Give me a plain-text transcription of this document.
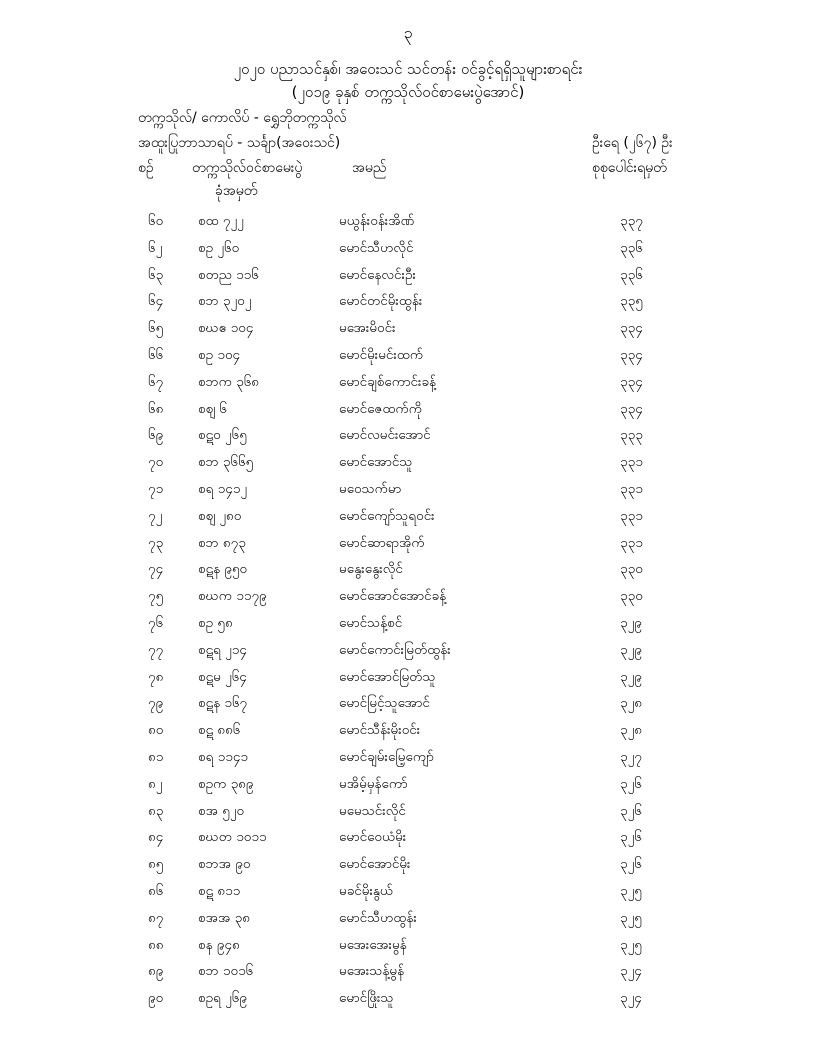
၃
၂၀၂၀ ပညာသင်နှစ်၊ အဝေးသင် သင်တန်း ဝင်ခွင့်ရရှိသူများစာရင်း
(၂၀၁၉ ခုနှစ် တက္ကသိုလ်ဝင်စာမေးပွဲအောင်)
တက္ကသိုလ်/ ကောလိပ် - ရွှေဘိုတက္ကသိုလ်
အထူးပြုဘာသာရပ် - သင်္ချာ(အဝေးသင်)	ဦးရေ (၂၆၇) ဦး
စဉ်	တက္ကသိုလ်ဝင်စာမေးပွဲ
ခုံအမှတ်
အမည်	စုစုပေါင်းရမှတ်
၆၀	စထ ၇၂၂	မယွန်းဝန်းအိဏ်	၃၃၇
၆၂	စဥ ၂၆၀	မောင်သီဟလိုင်	၃၃၆
၆၃	စတည ၁၁၆	မောင်နေလင်းဦး	၃၃၆
၆၄	စဘ ၃၂၀၂	မောင်တင်မိုးထွန်း	၃၃၅
၆၅	စဃဧ ၁၀၄	မအေးမိဝင်း	၃၃၄
၆၆	စဥ ၁၀၄	မောင်မိုးမင်းထက်	၃၃၄
၆၇	စဘက ၃၆၈	မောင်ချစ်ကောင်းခန့်	၃၃၄
၆၈	စဈ ၆	မောင်ဇေထက်ကို	၃၃၄
၆၉	စဋ၀ ၂၆၅	မောင်လမင်းအောင်	၃၃၃
၇၀	စဘ ၃၆၆၅	မောင်အောင်သူ	၃၃၁
၇၁	စရ ၁၄၁၂	မဝေသက်မာ	၃၃၁
၇၂	စဈ ၂၈၀	မောင်ကျော်သူရဝင်း	၃၃၁
၇၃	စဘ ၈၇၃	မောင်ဆာရာအိုက်	၃၃၁
၇၄	စဋန ၉၅၀	မနွေးနွေးလိုင်	၃၃၀
၇၅	စဃက ၁၁၇၉	မောင်အောင်အောင်ခန့်	၃၃၀
၇၆	စဥ ၅၈	မောင်သန့်စင်	၃၂၉
၇၇	စဋရ ၂၁၄	မောင်ကောင်းမြတ်ထွန်း	၃၂၉
၇၈	စဋမ ၂၆၄	မောင်အောင်မြတ်သူ	၃၂၉
၇၉	စဋန ၁၆၇	မောင်မြင့်သူအောင်	၃၂၈
၈၀	စဋ ၈၈၆	မောင်သီန်းမိုးဝင်း	၃၂၈
၈၁	စရ ၁၁၄၁	မောင်ချမ်းမြေ့ကျော်	၃၂၇
၈၂	စဥက ၃၈၉	မအိမ့်မှန်ကော်	၃၂၆
၈၃	စအ ၅၂၀	မမေသင်းလိုင်	၃၂၆
၈၄	စဃတ ၁၀၁၁	မောင်ဝေယံမိုး	၃၂၆
၈၅	စဘအ ၉၀	မောင်အောင်မိုး	၃၂၆
၈၆	စဋ ၈၁၁	မခင်မိုးနွယ်	၃၂၅
၈၇	စအအ ၃၈	မောင်သီဟထွန်း	၃၂၅
၈၈	စန ၉၄၈	မအေးအေးမွန်	၃၂၅
၈၉	စဘ ၁၀၁၆	မအေးသန့်မွန်	၃၂၄
၉၀	စဥရ ၂၆၉	မောင်ဖြိုးသူ	၃၂၄
